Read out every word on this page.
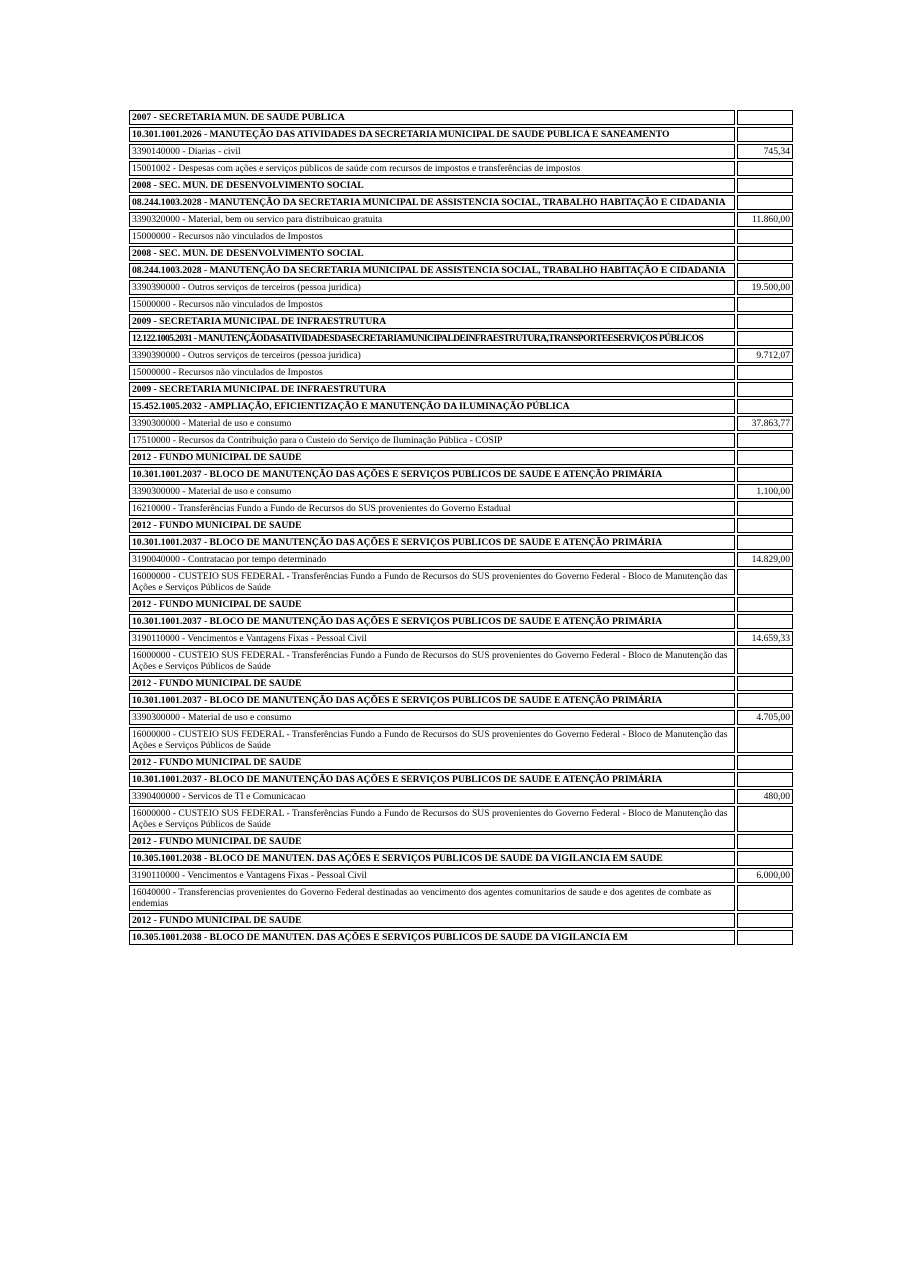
2007 - SECRETARIA MUN. DE SAUDE PUBLICA	
10.301.1001.2026 - MANUTEÇÃO DAS ATIVIDADES DA SECRETARIA MUNICIPAL DE SAUDE PUBLICA E SANEAMENTO	
3390140000 - Diarias - civil	745,34
15001002 - Despesas com ações e serviços públicos de saúde com recursos de impostos e transferências de impostos	
2008 - SEC. MUN. DE DESENVOLVIMENTO SOCIAL	
08.244.1003.2028 - MANUTENÇÃO DA SECRETARIA MUNICIPAL DE ASSISTENCIA SOCIAL, TRABALHO HABITAÇÃO E CIDADANIA	
3390320000 - Material, bem ou servico para distribuicao gratuita	11.860,00
15000000 - Recursos não vinculados de Impostos	
2008 - SEC. MUN. DE DESENVOLVIMENTO SOCIAL	
08.244.1003.2028 - MANUTENÇÃO DA SECRETARIA MUNICIPAL DE ASSISTENCIA SOCIAL, TRABALHO HABITAÇÃO E CIDADANIA	
3390390000 - Outros serviços de terceiros (pessoa juridica)	19.500,00
15000000 - Recursos não vinculados de Impostos	
2009 - SECRETARIA MUNICIPAL DE INFRAESTRUTURA	
12.122.1005.2031 - MANUTENÇÃODASATIVIDADESDASECRETARIAMUNICIPALDEINFRAESTRUTURA,TRANSPORTEESERVIÇOS PÚBLICOS	
3390390000 - Outros serviços de terceiros (pessoa juridica)	9.712,07
15000000 - Recursos não vinculados de Impostos	
2009 - SECRETARIA MUNICIPAL DE INFRAESTRUTURA	
15.452.1005.2032 - AMPLIAÇÃO, EFICIENTIZAÇÃO E MANUTENÇÃO DA ILUMINAÇÃO PÚBLICA	
3390300000 - Material de uso e consumo	37.863,77
17510000 - Recursos da Contribuição para o Custeio do Serviço de Iluminação Pública - COSIP	
2012 - FUNDO MUNICIPAL DE SAUDE	
10.301.1001.2037 - BLOCO DE MANUTENÇÃO DAS AÇÕES E SERVIÇOS PUBLICOS DE SAUDE E ATENÇÃO PRIMÁRIA	
3390300000 - Material de uso e consumo	1.100,00
16210000 - Transferências Fundo a Fundo de Recursos do SUS provenientes do Governo Estadual	
2012 - FUNDO MUNICIPAL DE SAUDE	
10.301.1001.2037 - BLOCO DE MANUTENÇÃO DAS AÇÕES E SERVIÇOS PUBLICOS DE SAUDE E ATENÇÃO PRIMÁRIA	
3190040000 - Contratacao por tempo determinado	14.829,00
16000000 - CUSTEIO SUS FEDERAL - Transferências Fundo a Fundo de Recursos do SUS provenientes do Governo Federal - Bloco de Manutenção das Ações e Serviços Públicos de Saúde	
2012 - FUNDO MUNICIPAL DE SAUDE	
10.301.1001.2037 - BLOCO DE MANUTENÇÃO DAS AÇÕES E SERVIÇOS PUBLICOS DE SAUDE E ATENÇÃO PRIMÁRIA	
3190110000 - Vencimentos e Vantagens Fixas - Pessoal Civil	14.659,33
16000000 - CUSTEIO SUS FEDERAL - Transferências Fundo a Fundo de Recursos do SUS provenientes do Governo Federal - Bloco de Manutenção das Ações e Serviços Públicos de Saúde	
2012 - FUNDO MUNICIPAL DE SAUDE	
10.301.1001.2037 - BLOCO DE MANUTENÇÃO DAS AÇÕES E SERVIÇOS PUBLICOS DE SAUDE E ATENÇÃO PRIMÁRIA	
3390300000 - Material de uso e consumo	4.705,00
16000000 - CUSTEIO SUS FEDERAL - Transferências Fundo a Fundo de Recursos do SUS provenientes do Governo Federal - Bloco de Manutenção das Ações e Serviços Públicos de Saúde	
2012 - FUNDO MUNICIPAL DE SAUDE	
10.301.1001.2037 - BLOCO DE MANUTENÇÃO DAS AÇÕES E SERVIÇOS PUBLICOS DE SAUDE E ATENÇÃO PRIMÁRIA	
3390400000 - Servicos de TI e Comunicacao	480,00
16000000 - CUSTEIO SUS FEDERAL - Transferências Fundo a Fundo de Recursos do SUS provenientes do Governo Federal - Bloco de Manutenção das Ações e Serviços Públicos de Saúde	
2012 - FUNDO MUNICIPAL DE SAUDE	
10.305.1001.2038 - BLOCO DE MANUTEN. DAS AÇÕES E SERVIÇOS PUBLICOS DE SAUDE DA VIGILANCIA EM SAUDE	
3190110000 - Vencimentos e Vantagens Fixas - Pessoal Civil	6.000,00
16040000 - Transferencias provenientes do Governo Federal destinadas ao vencimento dos agentes comunitarios de saude e dos agentes de combate as endemias	
2012 - FUNDO MUNICIPAL DE SAUDE	
10.305.1001.2038 - BLOCO DE MANUTEN. DAS AÇÕES E SERVIÇOS PUBLICOS DE SAUDE DA VIGILANCIA EM	
